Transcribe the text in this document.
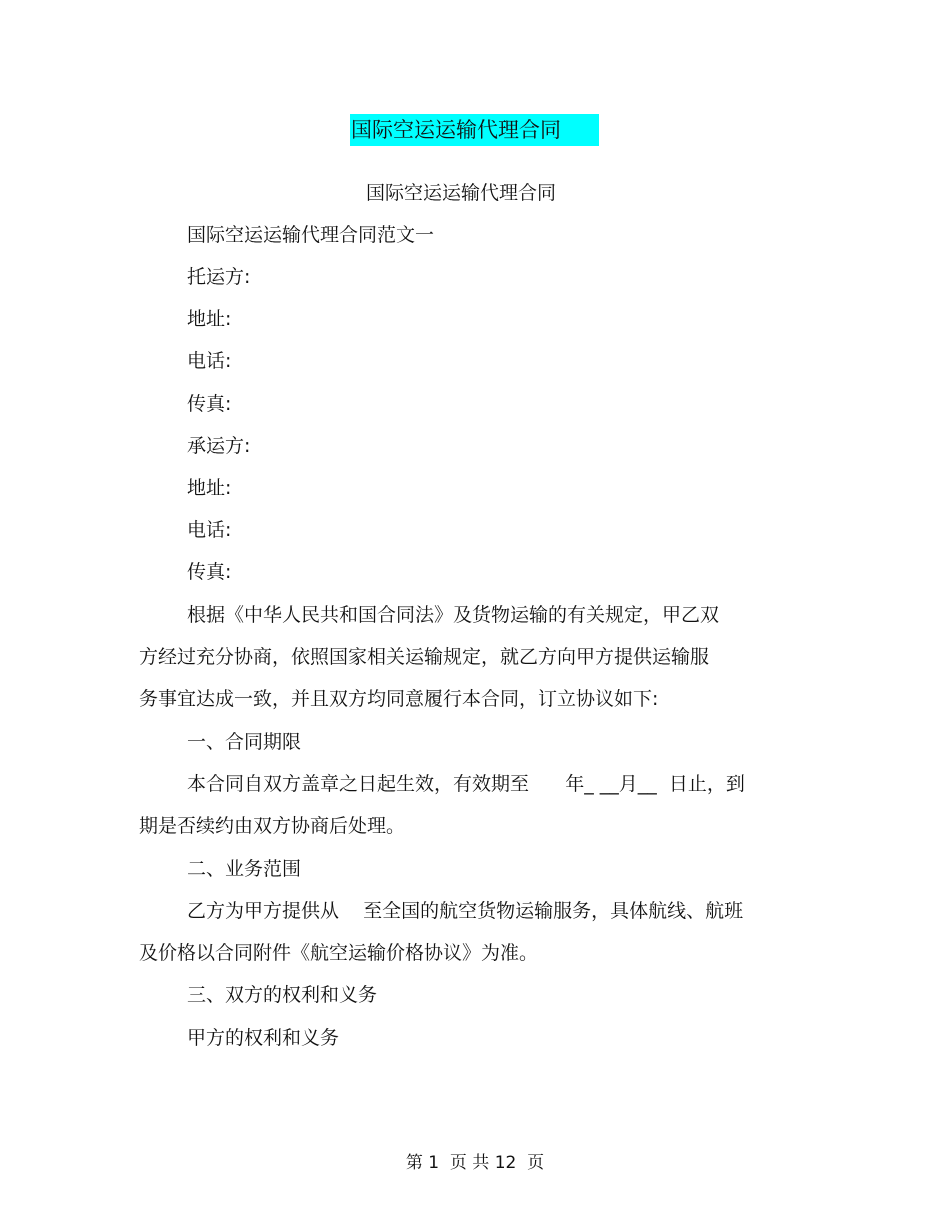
国际空运运输代理合同
国际空运运输代理合同
国际空运运输代理合同范文一
托运方:
地址:
电话:
传真:
承运方:
地址:
电话:
传真:
根据《中华人民共和国合同法》及货物运输的有关规定，甲乙双
方经过充分协商，依照国家相关运输规定，就乙方向甲方提供运输服
务事宜达成一致，并且双方均同意履行本合同，订立协议如下:
一、合同期限
本合同自双方盖章之日起生效，有效期至      年_ __月__  日止，到
期是否续约由双方协商后处理。
二、业务范围
乙方为甲方提供从    至全国的航空货物运输服务，具体航线、航班
及价格以合同附件《航空运输价格协议》为准。
三、双方的权利和义务
甲方的权利和义务
第 1  页 共 12  页
